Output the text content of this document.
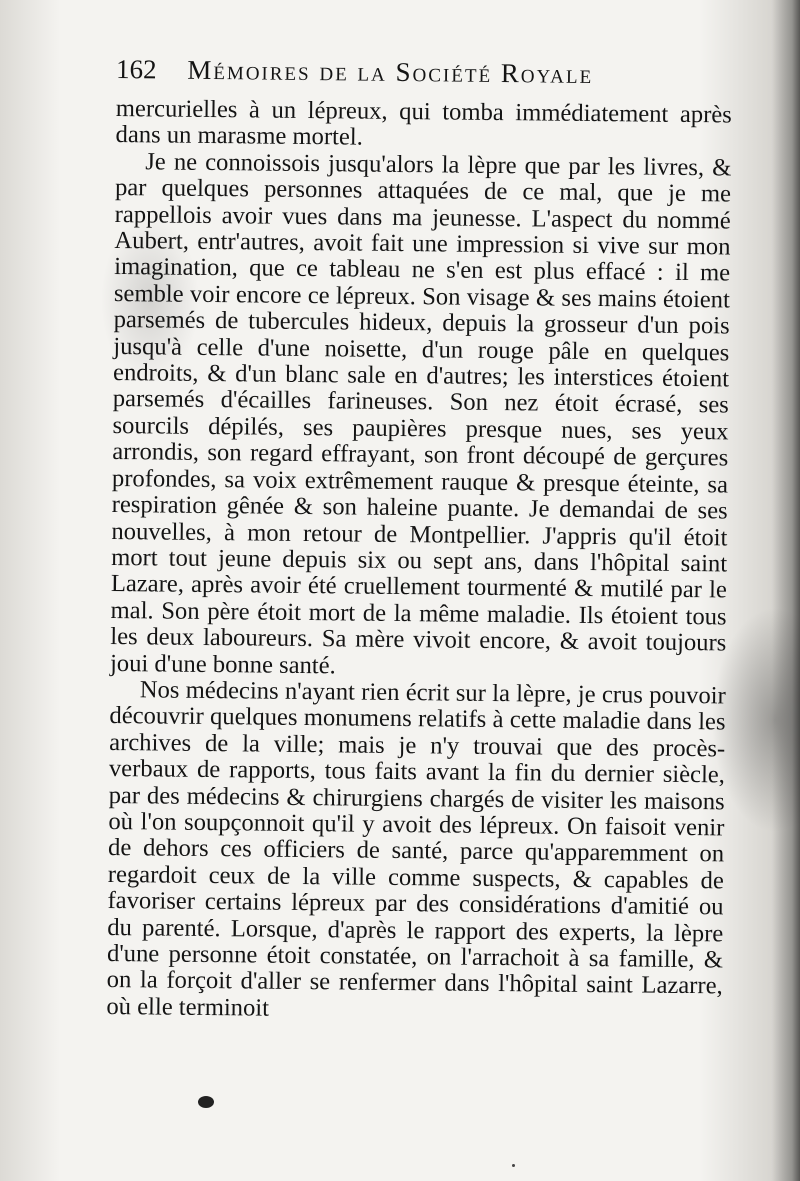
162 Mémoires de la Société Royale

mercurielles à un lépreux, qui tomba immédiatement après dans un marasme mortel.

Je ne connoissois jusqu'alors la lèpre que par les livres, & par quelques personnes attaquées de ce mal, que je me rappellois avoir vues dans ma jeunesse. L'aspect du nommé Aubert, entr'autres, avoit fait une impression si vive sur mon imagination, que ce tableau ne s'en est plus effacé : il me semble voir encore ce lépreux. Son visage & ses mains étoient parsemés de tubercules hideux, depuis la grosseur d'un pois jusqu'à celle d'une noisette, d'un rouge pâle en quelques endroits, & d'un blanc sale en d'autres; les interstices étoient parsemés d'écailles farineuses. Son nez étoit écrasé, ses sourcils dépilés, ses paupières presque nues, ses yeux arrondis, son regard effrayant, son front découpé de gerçures profondes, sa voix extrêmement rauque & presque éteinte, sa respiration gênée & son haleine puante. Je demandai de ses nouvelles, à mon retour de Montpellier. J'appris qu'il étoit mort tout jeune depuis six ou sept ans, dans l'hôpital saint Lazare, après avoir été cruellement tourmenté & mutilé par le mal. Son père étoit mort de la même maladie. Ils étoient tous les deux laboureurs. Sa mère vivoit encore, & avoit toujours joui d'une bonne santé.

Nos médecins n'ayant rien écrit sur la lèpre, je crus pouvoir découvrir quelques monumens relatifs à cette maladie dans les archives de la ville; mais je n'y trouvai que des procès-verbaux de rapports, tous faits avant la fin du dernier siècle, par des médecins & chirurgiens chargés de visiter les maisons où l'on soupçonnoit qu'il y avoit des lépreux. On faisoit venir de dehors ces officiers de santé, parce qu'apparemment on regardoit ceux de la ville comme suspects, & capables de favoriser certains lépreux par des considérations d'amitié ou du parenté. Lorsque, d'après le rapport des experts, la lèpre d'une personne étoit constatée, on l'arrachoit à sa famille, & on la forçoit d'aller se renfermer dans l'hôpital saint Lazarre, où elle terminoit
